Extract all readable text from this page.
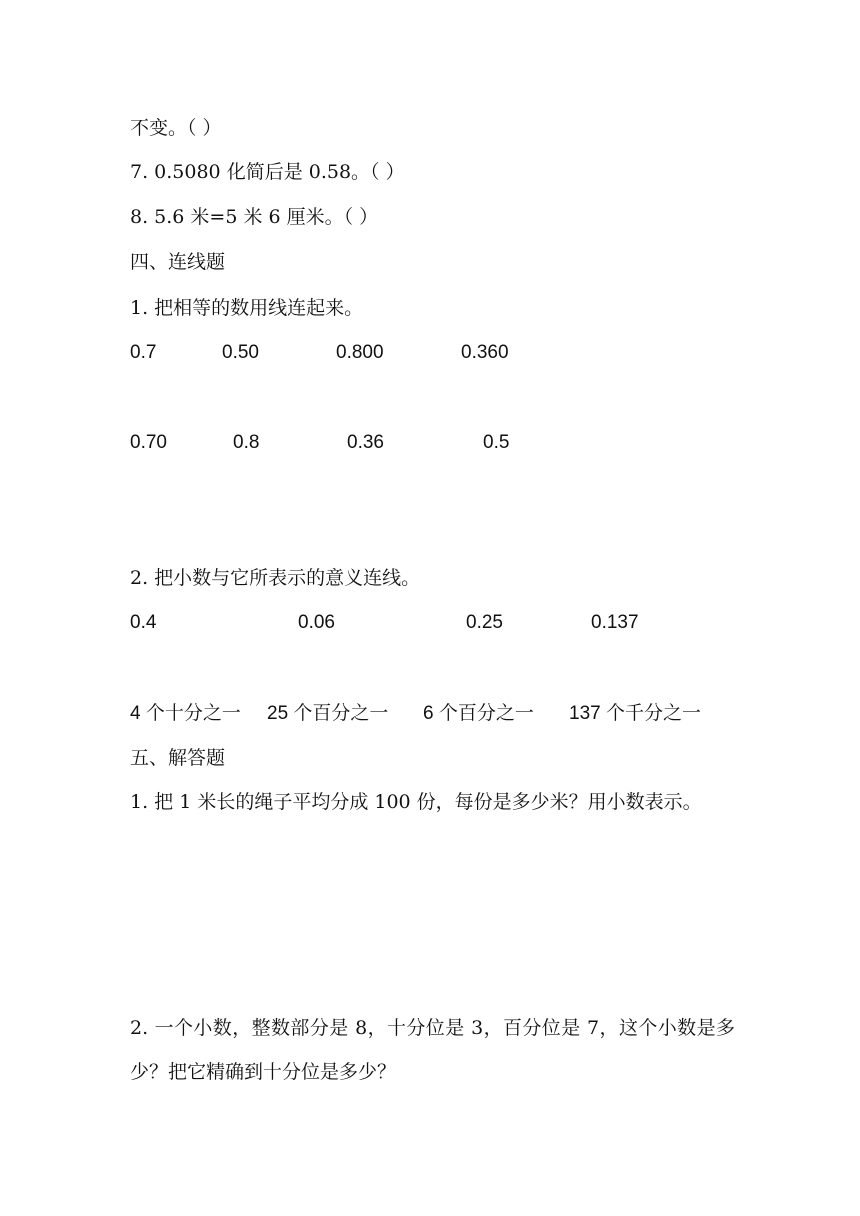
不变。（ ）
7. 0.5080 化简后是 0.58。（ ）
8. 5.6 米=5 米 6 厘米。（ ）
四、连线题
1. 把相等的数用线连起来。
0.7	0.50	0.800	0.360
0.70	0.8	0.36	0.5
2. 把小数与它所表示的意义连线。
0.4	0.06	0.25	0.137
4 个十分之一 25 个百分之一 6 个百分之一 137 个千分之一
五、解答题
1. 把 1 米长的绳子平均分成 100 份，每份是多少米？用小数表示。
2. 一个小数，整数部分是 8，十分位是 3，百分位是 7，这个小数是多少？把它精确到十分位是多少？
